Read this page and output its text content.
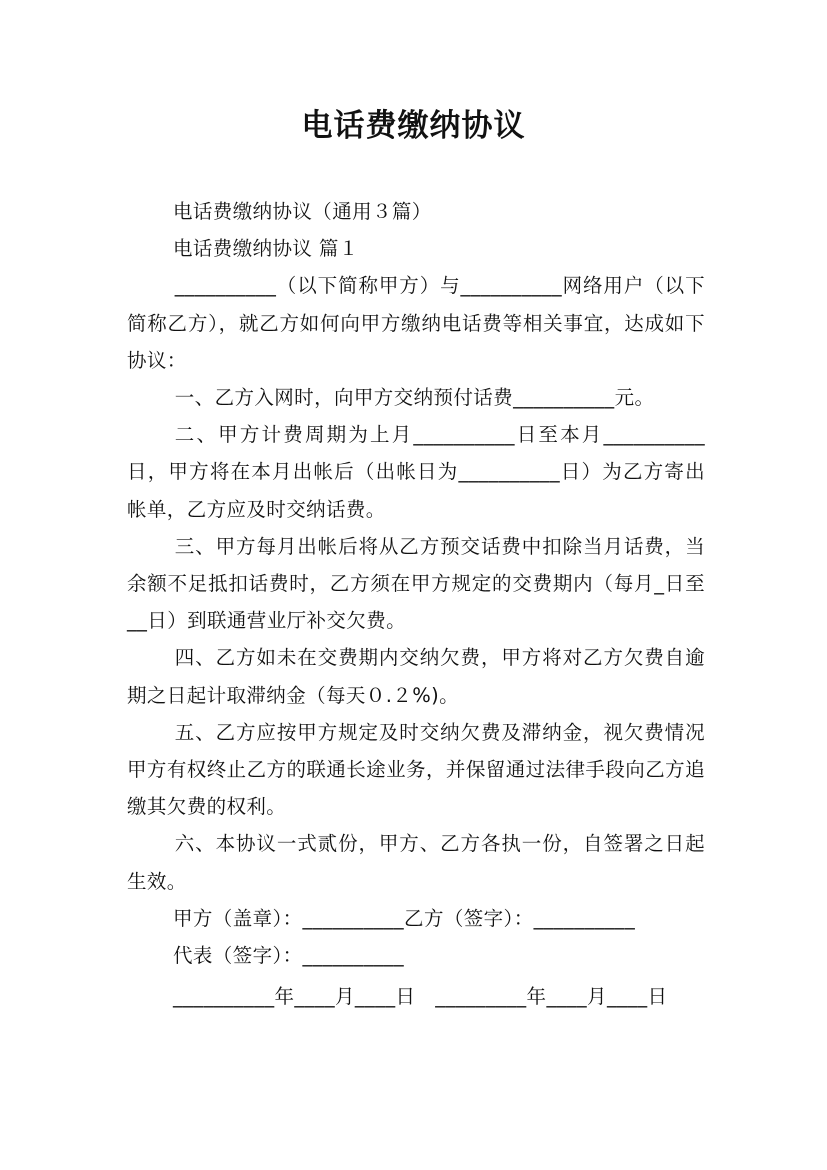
电话费缴纳协议

电话费缴纳协议（通用３篇）

电话费缴纳协议 篇１

__________（以下简称甲方）与__________网络用户（以下简称乙方），就乙方如何向甲方缴纳电话费等相关事宜，达成如下协议：

一、乙方入网时，向甲方交纳预付话费__________元。

二、甲方计费周期为上月__________日至本月__________日，甲方将在本月出帐后（出帐日为__________日）为乙方寄出帐单，乙方应及时交纳话费。

三、甲方每月出帐后将从乙方预交话费中扣除当月话费，当余额不足抵扣话费时，乙方须在甲方规定的交费期内（每月_日至__日）到联通营业厅补交欠费。

四、乙方如未在交费期内交纳欠费，甲方将对乙方欠费自逾期之日起计取滞纳金（每天０.２%)。

五、乙方应按甲方规定及时交纳欠费及滞纳金，视欠费情况甲方有权终止乙方的联通长途业务，并保留通过法律手段向乙方追缴其欠费的权利。

六、本协议一式贰份，甲方、乙方各执一份，自签署之日起生效。

甲方（盖章）：__________乙方（签字）：__________

代表（签字）：__________

__________年____月____日   _________年____月____日
